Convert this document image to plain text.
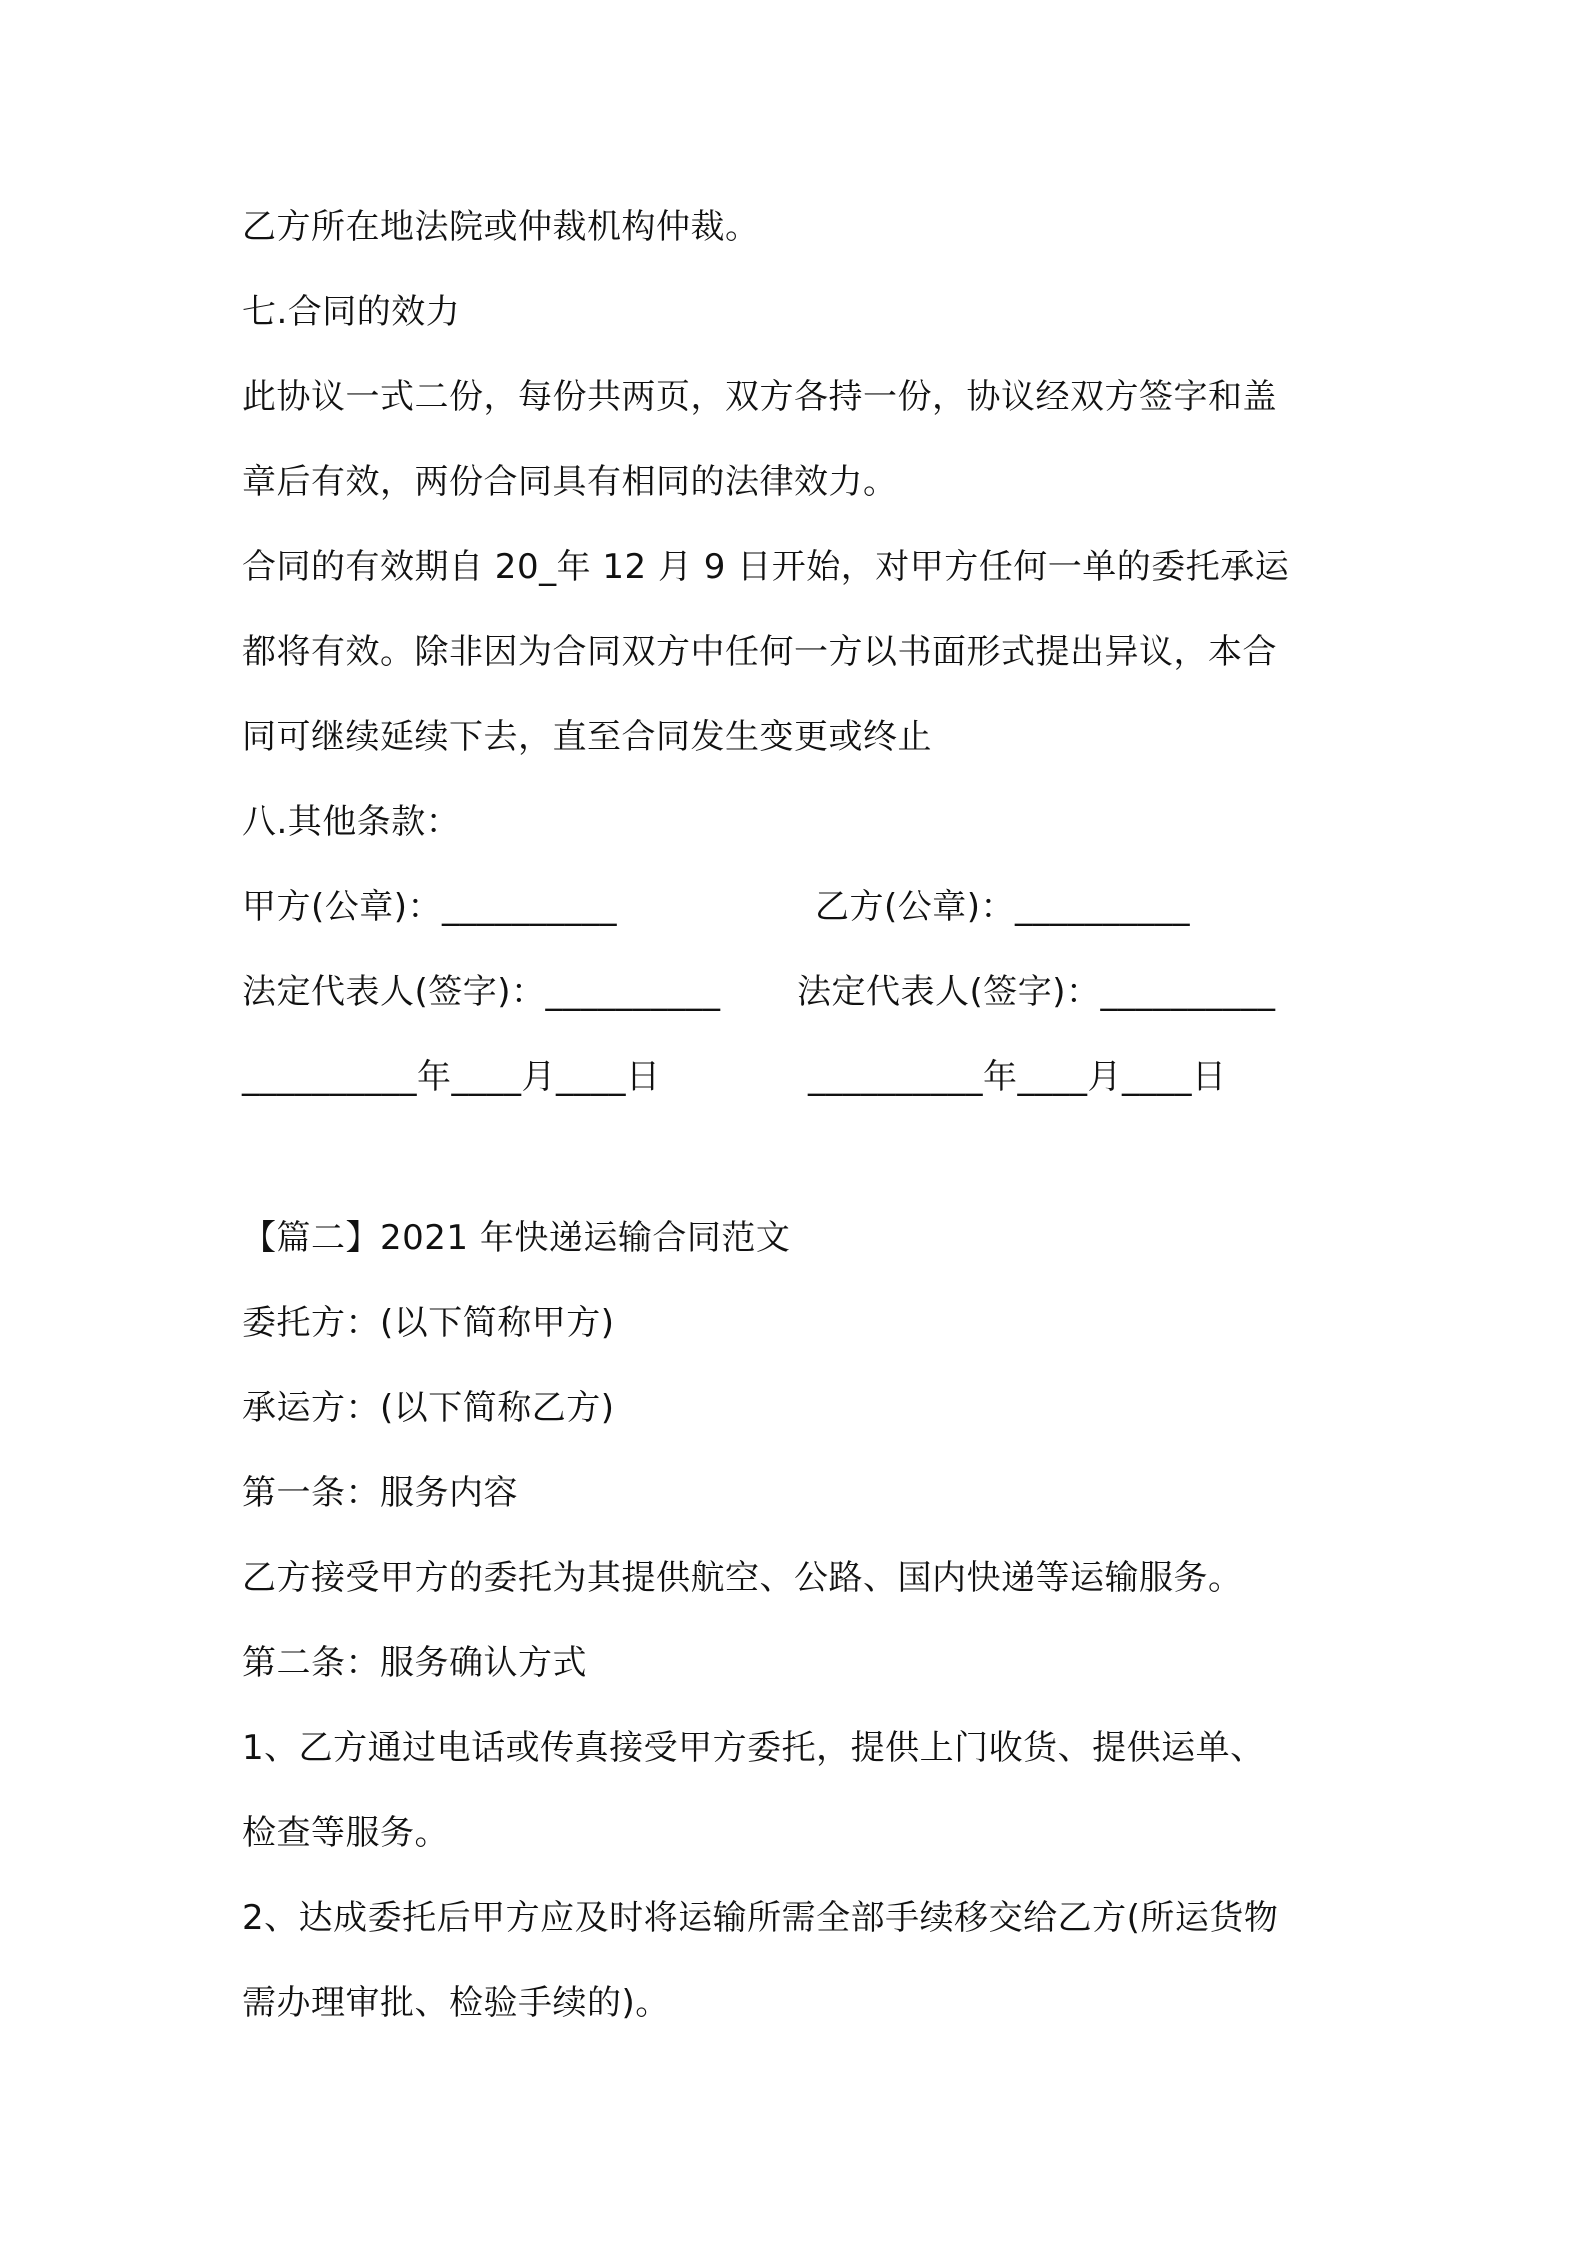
乙方所在地法院或仲裁机构仲裁。
七.合同的效力
此协议一式二份，每份共两页，双方各持一份，协议经双方签字和盖
章后有效，两份合同具有相同的法律效力。
合同的有效期自 20_年 12 月 9 日开始，对甲方任何一单的委托承运
都将有效。除非因为合同双方中任何一方以书面形式提出异议，本合
同可继续延续下去，直至合同发生变更或终止
八.其他条款：
甲方(公章)：__________	乙方(公章)：__________
法定代表人(签字)：__________ 法定代表人(签字)：__________
__________年____月____日	__________年____月____日
【篇二】2021 年快递运输合同范文
委托方：(以下简称甲方)
承运方：(以下简称乙方)
第一条：服务内容
乙方接受甲方的委托为其提供航空、公路、国内快递等运输服务。
第二条：服务确认方式
1、乙方通过电话或传真接受甲方委托，提供上门收货、提供运单、
检查等服务。
2、达成委托后甲方应及时将运输所需全部手续移交给乙方(所运货物
需办理审批、检验手续的)。
